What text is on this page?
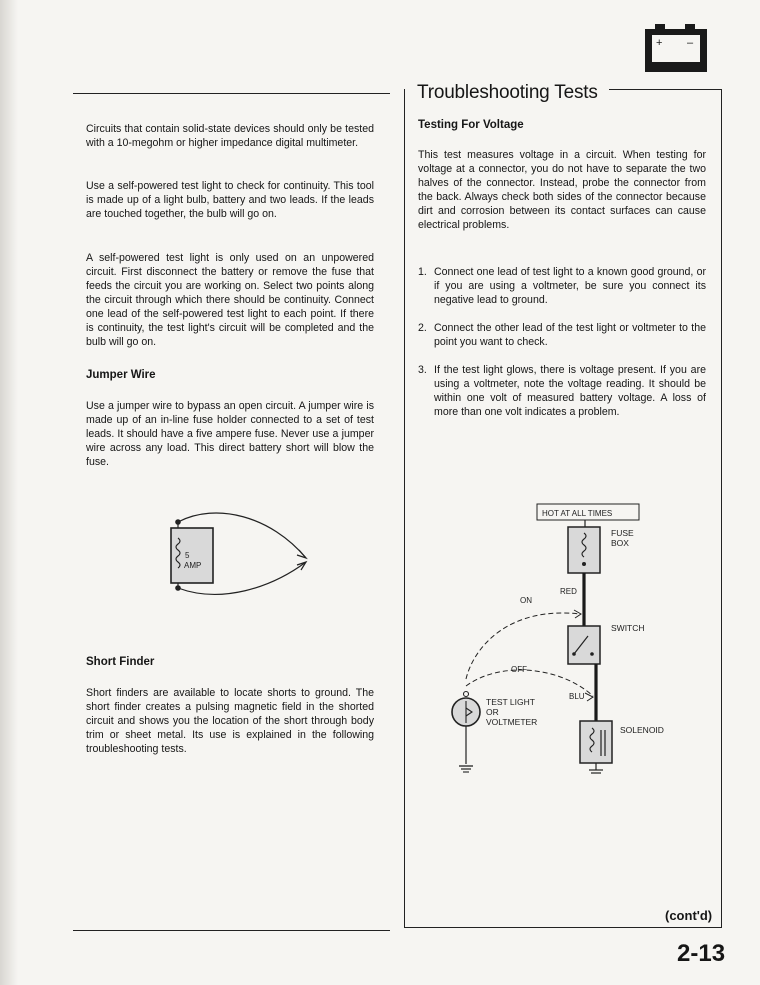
+ –

Circuits that contain solid-state devices should only be tested with a 10-megohm or higher impedance digital multimeter.

Use a self-powered test light to check for continuity. This tool is made up of a light bulb, battery and two leads. If the leads are touched together, the bulb will go on.

A self-powered test light is only used on an unpowered circuit. First disconnect the battery or remove the fuse that feeds the circuit you are working on. Select two points along the circuit through which there should be continuity. Connect one lead of the self-powered test light to each point. If there is continuity, the test light's circuit will be completed and the bulb will go on.

Jumper Wire

Use a jumper wire to bypass an open circuit. A jumper wire is made up of an in-line fuse holder connected to a set of test leads. It should have a five ampere fuse. Never use a jumper wire across any load. This direct battery short will blow the fuse.

5
AMP
Short Finder

Short finders are available to locate shorts to ground. The short finder creates a pulsing magnetic field in the shorted circuit and shows you the location of the short through body trim or sheet metal. Its use is explained in the following troubleshooting tests.

Troubleshooting Tests
Testing For Voltage

This test measures voltage in a circuit. When testing for voltage at a connector, you do not have to separate the two halves of the connector. Instead, probe the connector from the back. Always check both sides of the connector because dirt and corrosion between its contact surfaces can cause electrical problems.

1. Connect one lead of test light to a known good ground, or if you are using a voltmeter, be sure you connect its negative lead to ground.
2. Connect the other lead of the test light or voltmeter to the point you want to check.
3. If the test light glows, there is voltage present. If you are using a voltmeter, note the voltage reading. It should be within one volt of measured battery voltage. A loss of more than one volt indicates a problem.
HOT AT ALL TIMES
FUSE
BOX
RED
ON
SWITCH
BLU
SOLENOID
OFF
TEST LIGHT
OR
VOLTMETER
(cont'd)
2-13
